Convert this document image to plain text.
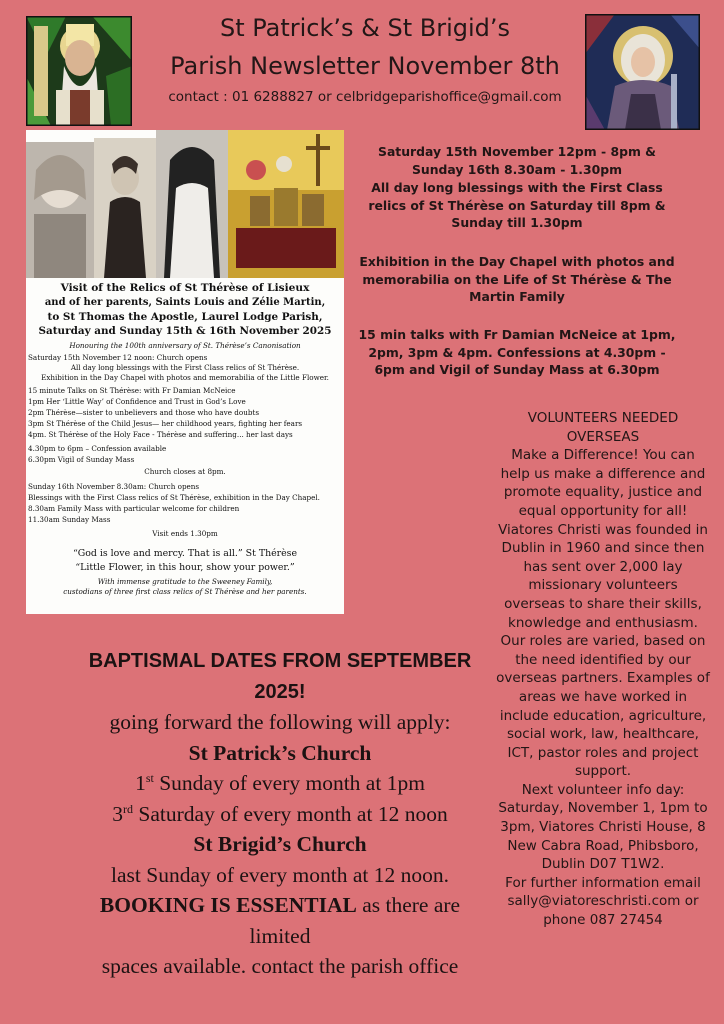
St Patrick’s & St Brigid’s
Parish Newsletter November 8th
contact : 01 6288827 or celbridgeparishoffice@gmail.com
Visit of the Relics of St Thérèse of Lisieux
and of her parents, Saints Louis and Zélie Martin,
to St Thomas the Apostle, Laurel Lodge Parish,
Saturday and Sunday 15th & 16th November 2025
Honouring the 100th anniversary of St. Thérèse’s Canonisation
Saturday 15th November 12 noon: Church opens
All day long blessings with the First Class relics of St Thérèse.
Exhibition in the Day Chapel with photos and memorabilia of the Little Flower.
15 minute Talks on St Thérèse: with Fr Damian McNeice
1pm Her ‘Little Way’ of Confidence and Trust in God’s Love
2pm Thérèse—sister to unbelievers and those who have doubts
3pm St Thérèse of the Child Jesus— her childhood years, fighting her fears
4pm. St Thérèse of the Holy Face - Thérèse and suffering... her last days
4.30pm to 6pm – Confession available
6.30pm Vigil of Sunday Mass
Church closes at 8pm.
Sunday 16th November 8.30am: Church opens
Blessings with the First Class relics of St Thérèse, exhibition in the Day Chapel.
8.30am Family Mass with particular welcome for children
11.30am Sunday Mass
Visit ends 1.30pm
“God is love and mercy. That is all.” St Thérèse
“Little Flower, in this hour, show your power.”
With immense gratitude to the Sweeney Family,
custodians of three first class relics of St Thérèse and her parents.
Saturday 15th November 12pm - 8pm & Sunday 16th 8.30am - 1.30pm
All day long blessings with the First Class relics of St Thérèse on Saturday till 8pm & Sunday till 1.30pm
Exhibition in the Day Chapel with photos and memorabilia on the Life of St Thérèse & The Martin Family
15 min talks with Fr Damian McNeice at 1pm, 2pm, 3pm & 4pm. Confessions at 4.30pm - 6pm and Vigil of Sunday Mass at 6.30pm
VOLUNTEERS NEEDED OVERSEAS
Make a Difference! You can help us make a difference and promote equality, justice and equal opportunity for all! Viatores Christi was founded in Dublin in 1960 and since then has sent over 2,000 lay missionary volunteers overseas to share their skills, knowledge and enthusiasm. Our roles are varied, based on the need identified by our overseas partners. Examples of areas we have worked in include education, agriculture, social work, law, healthcare, ICT, pastor roles and project support.
Next volunteer info day: Saturday, November 1, 1pm to 3pm, Viatores Christi House, 8 New Cabra Road, Phibsboro, Dublin D07 T1W2.
For further information email sally@viatoreschristi.com or phone 087 27454
BAPTISMAL DATES FROM SEPTEMBER 2025!
going forward the following will apply:
St Patrick’s Church
1st Sunday of every month at 1pm
3rd Saturday of every month at 12 noon
St Brigid’s Church
last Sunday of every month at 12 noon.
BOOKING IS ESSENTIAL as there are limited
spaces available. contact the parish office
